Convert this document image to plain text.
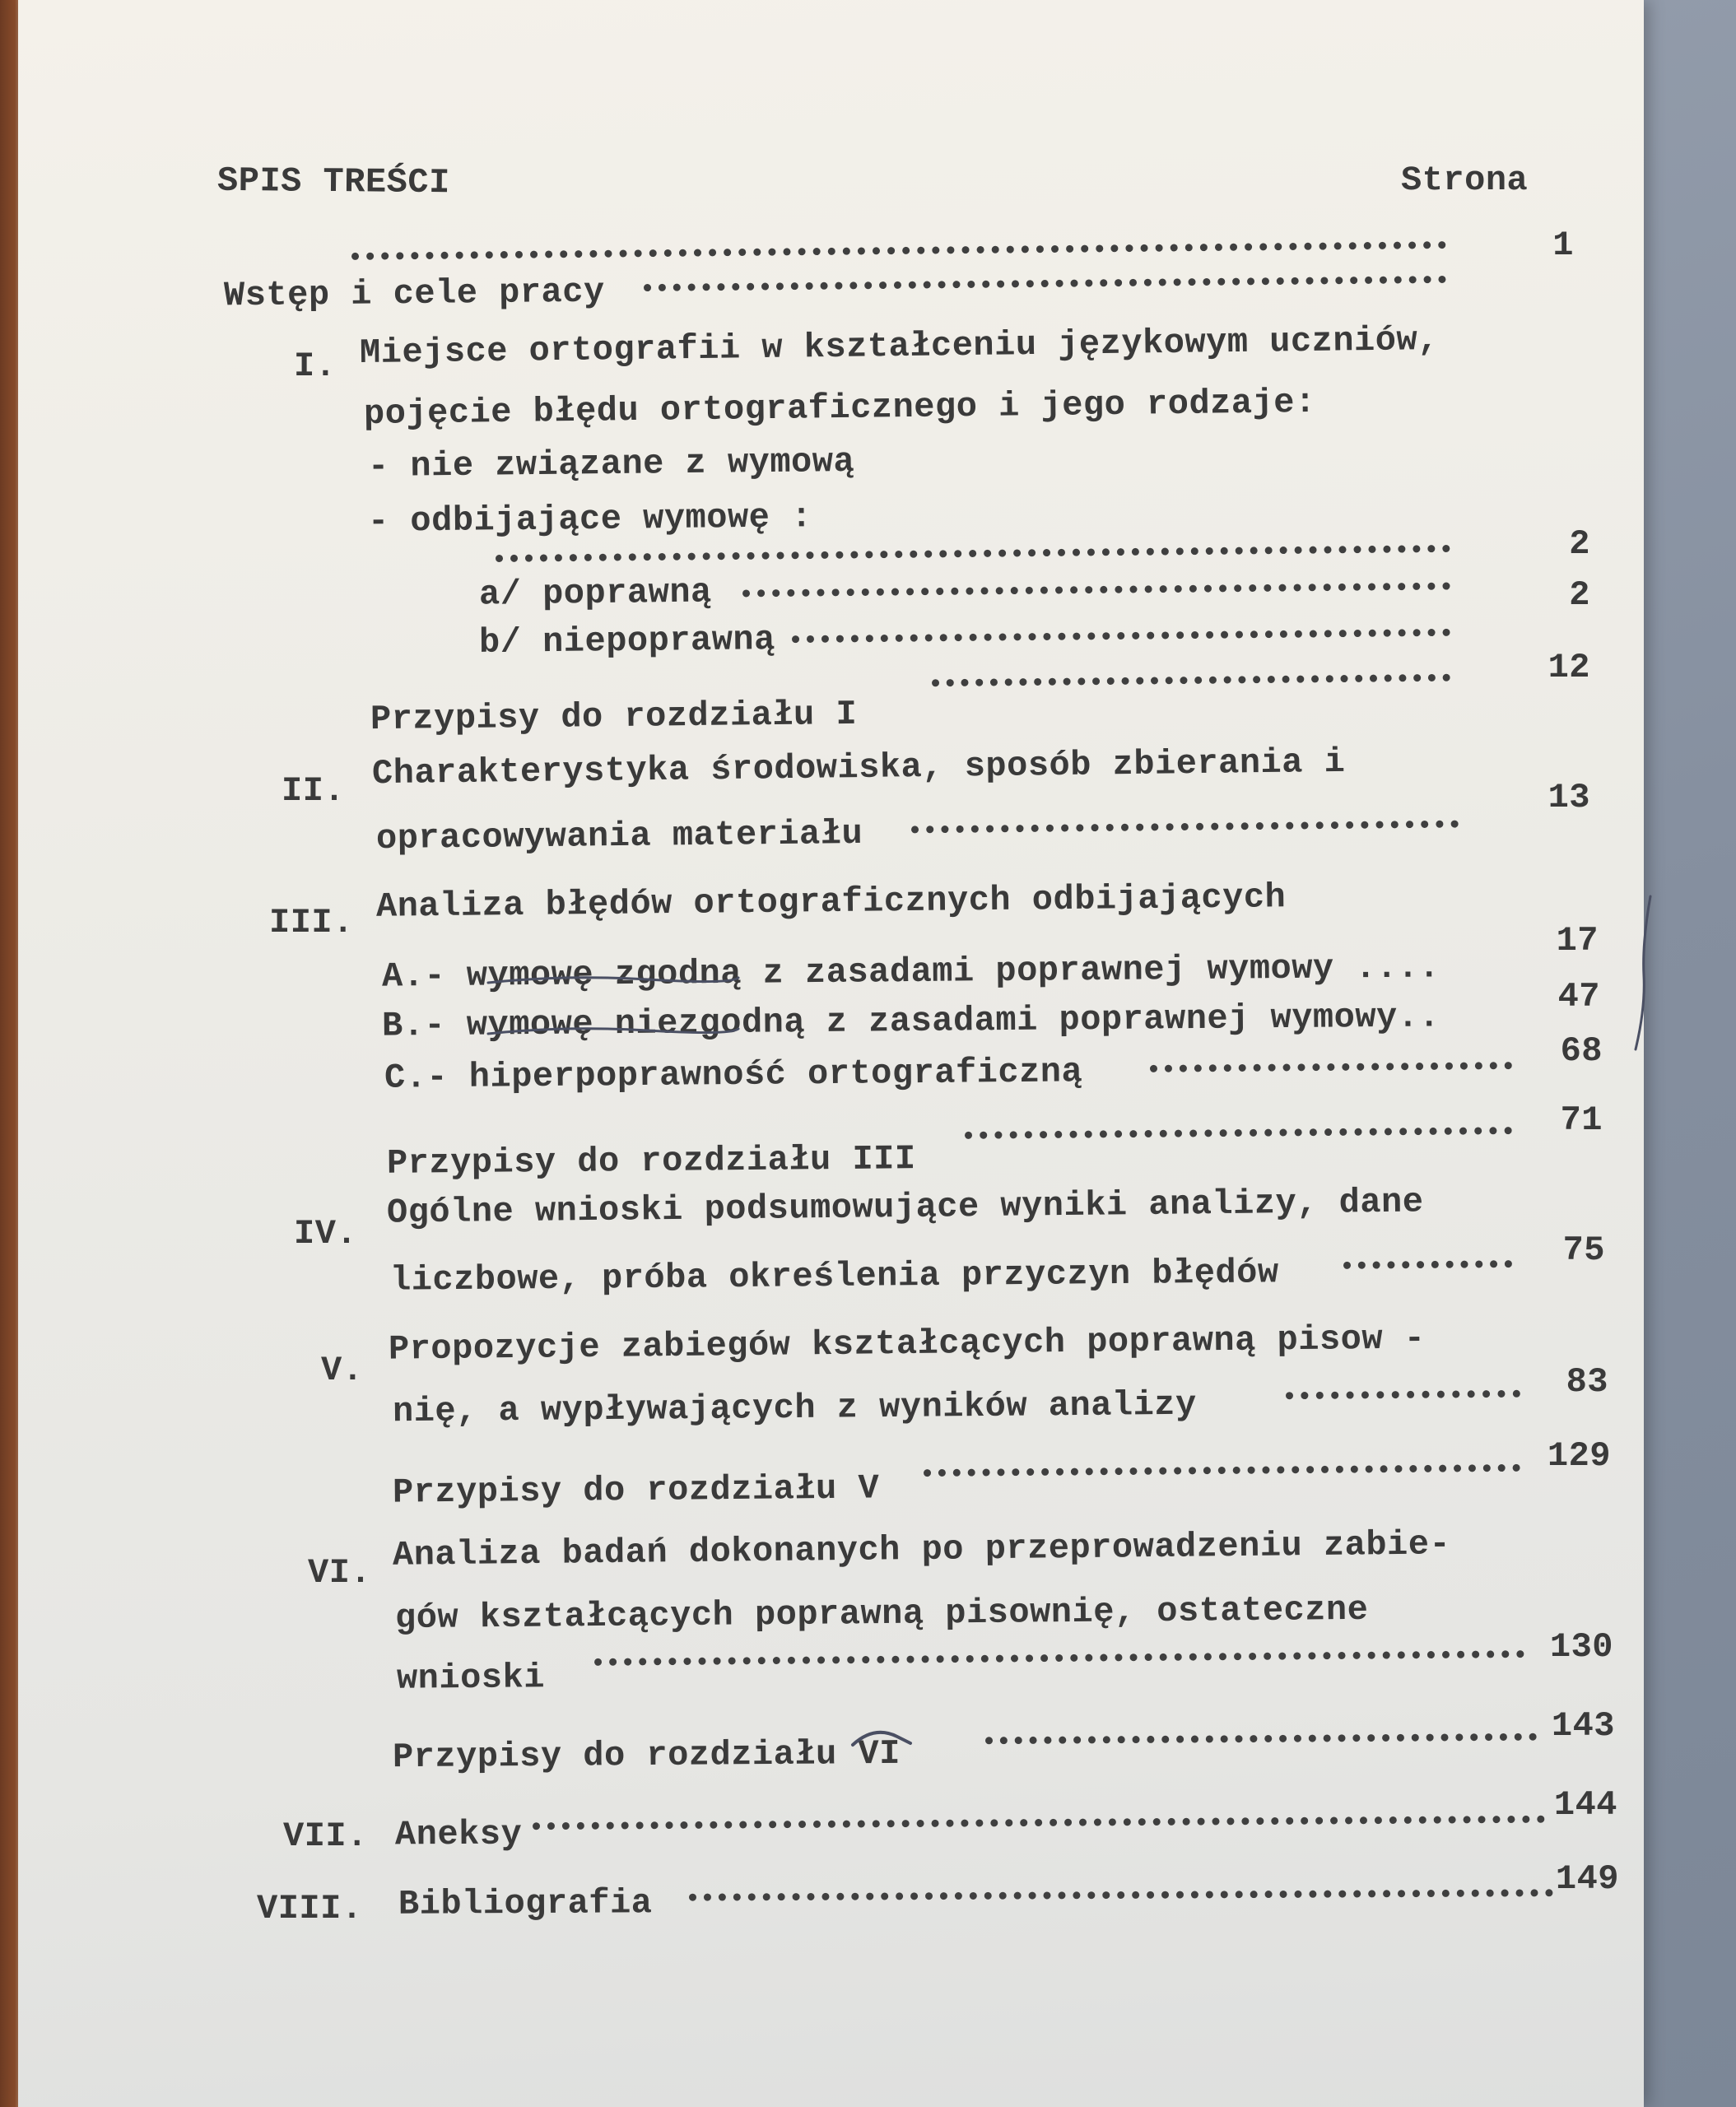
SPIS TREŚCI	Strona
1
Wstęp i cele pracy
I. Miejsce ortografii w kształceniu językowym uczniów,
pojęcie błędu ortograficznego i jego rodzaje:
- nie związane z wymową
- odbijające wymowę :
2
a/ poprawną	2
b/ niepoprawną
12
Przypisy do rozdziału I
II. Charakterystyka środowiska, sposób zbierania i
opracowywania materiału
13
III. Analiza błędów ortograficznych odbijających
A.- wymowę zgodną z zasadami poprawnej wymowy ....
17
B.- wymowę niezgodną z zasadami poprawnej wymowy..
47
C.- hiperpoprawność ortograficzną
68
71
Przypisy do rozdziału III
IV.
Ogólne wnioski podsumowujące wyniki analizy, dane
liczbowe, próba określenia przyczyn błędów
75
V.
Propozycje zabiegów kształcących poprawną pisow -
nię, a wypływających z wyników analizy
83
129
Przypisy do rozdziału V
VI. Analiza badań dokonanych po przeprowadzeniu zabie-
gów kształcących poprawną pisownię, ostateczne
wnioski
130
143
Przypisy do rozdziału VI
VII. Aneksy
144
VIII. Bibliografia
149
